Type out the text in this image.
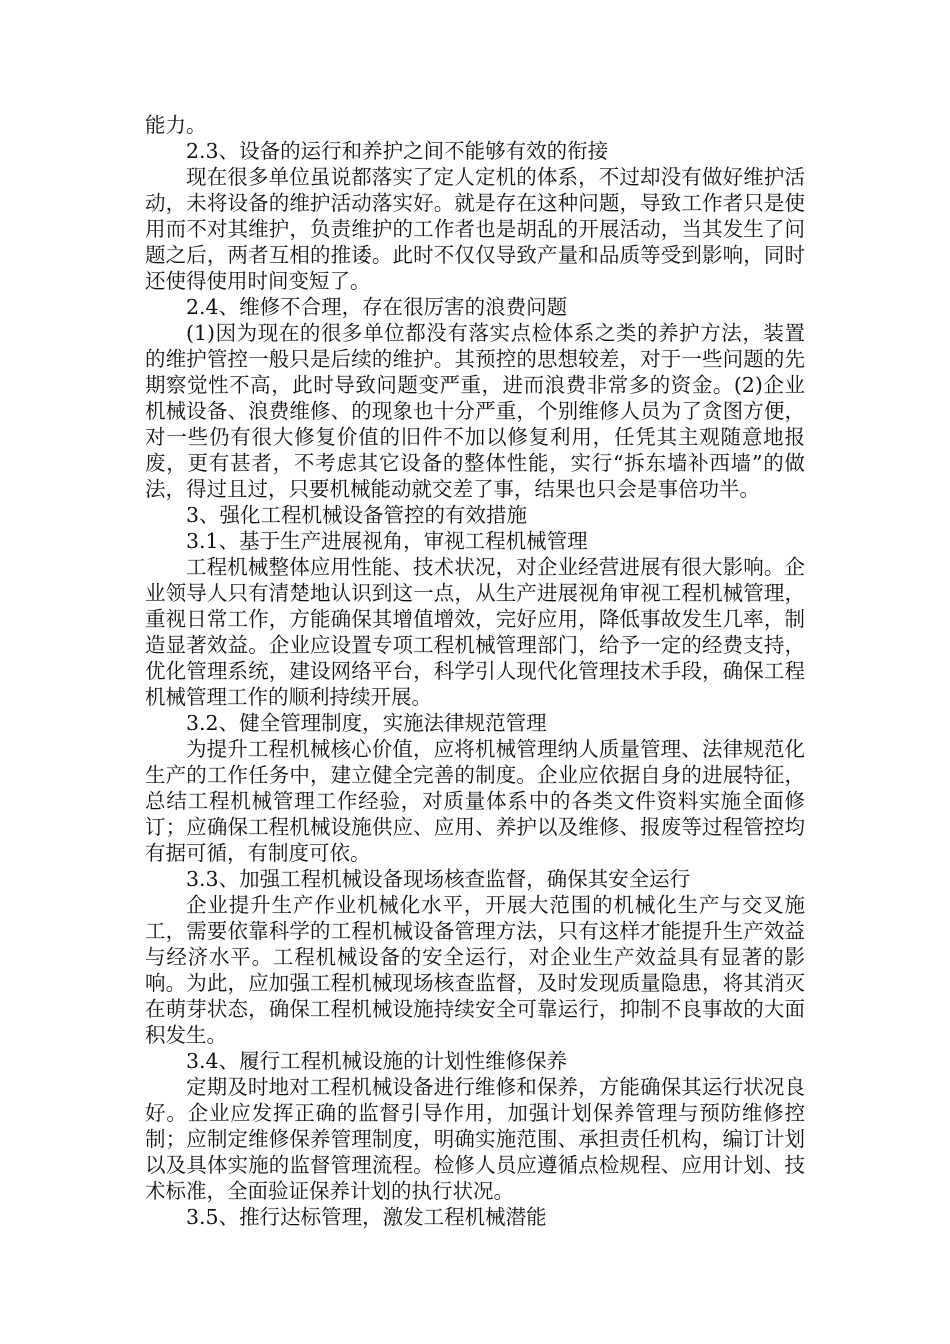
能力。

2.3、设备的运行和养护之间不能够有效的衔接

现在很多单位虽说都落实了定人定机的体系，不过却没有做好维护活动，未将设备的维护活动落实好。就是存在这种问题，导致工作者只是使用而不对其维护，负责维护的工作者也是胡乱的开展活动，当其发生了问题之后，两者互相的推诿。此时不仅仅导致产量和品质等受到影响，同时还使得使用时间变短了。

2.4、维修不合理，存在很厉害的浪费问题

(1)因为现在的很多单位都没有落实点检体系之类的养护方法，装置的维护管控一般只是后续的维护。其预控的思想较差，对于一些问题的先期察觉性不高，此时导致问题变严重，进而浪费非常多的资金。(2)企业机械设备、浪费维修、的现象也十分严重，个别维修人员为了贪图方便，对一些仍有很大修复价值的旧件不加以修复利用，任凭其主观随意地报废，更有甚者，不考虑其它设备的整体性能，实行“拆东墙补西墙”的做法，得过且过，只要机械能动就交差了事，结果也只会是事倍功半。

3、强化工程机械设备管控的有效措施

3.1、基于生产进展视角，审视工程机械管理

工程机械整体应用性能、技术状况，对企业经营进展有很大影响。企业领导人只有清楚地认识到这一点，从生产进展视角审视工程机械管理，重视日常工作，方能确保其增值增效，完好应用，降低事故发生几率，制造显著效益。企业应设置专项工程机械管理部门，给予一定的经费支持，优化管理系统，建设网络平台，科学引人现代化管理技术手段，确保工程机械管理工作的顺利持续开展。

3.2、健全管理制度，实施法律规范管理

为提升工程机械核心价值，应将机械管理纳人质量管理、法律规范化生产的工作任务中，建立健全完善的制度。企业应依据自身的进展特征，总结工程机械管理工作经验，对质量体系中的各类文件资料实施全面修订；应确保工程机械设施供应、应用、养护以及维修、报废等过程管控均有据可循，有制度可依。

3.3、加强工程机械设备现场核查监督，确保其安全运行

企业提升生产作业机械化水平，开展大范围的机械化生产与交叉施工，需要依靠科学的工程机械设备管理方法，只有这样才能提升生产效益与经济水平。工程机械设备的安全运行，对企业生产效益具有显著的影响。为此，应加强工程机械现场核查监督，及时发现质量隐患，将其消灭在萌芽状态，确保工程机械设施持续安全可靠运行，抑制不良事故的大面积发生。

3.4、履行工程机械设施的计划性维修保养

定期及时地对工程机械设备进行维修和保养，方能确保其运行状况良好。企业应发挥正确的监督引导作用，加强计划保养管理与预防维修控制；应制定维修保养管理制度，明确实施范围、承担责任机构，编订计划以及具体实施的监督管理流程。检修人员应遵循点检规程、应用计划、技术标准，全面验证保养计划的执行状况。

3.5、推行达标管理，激发工程机械潜能
